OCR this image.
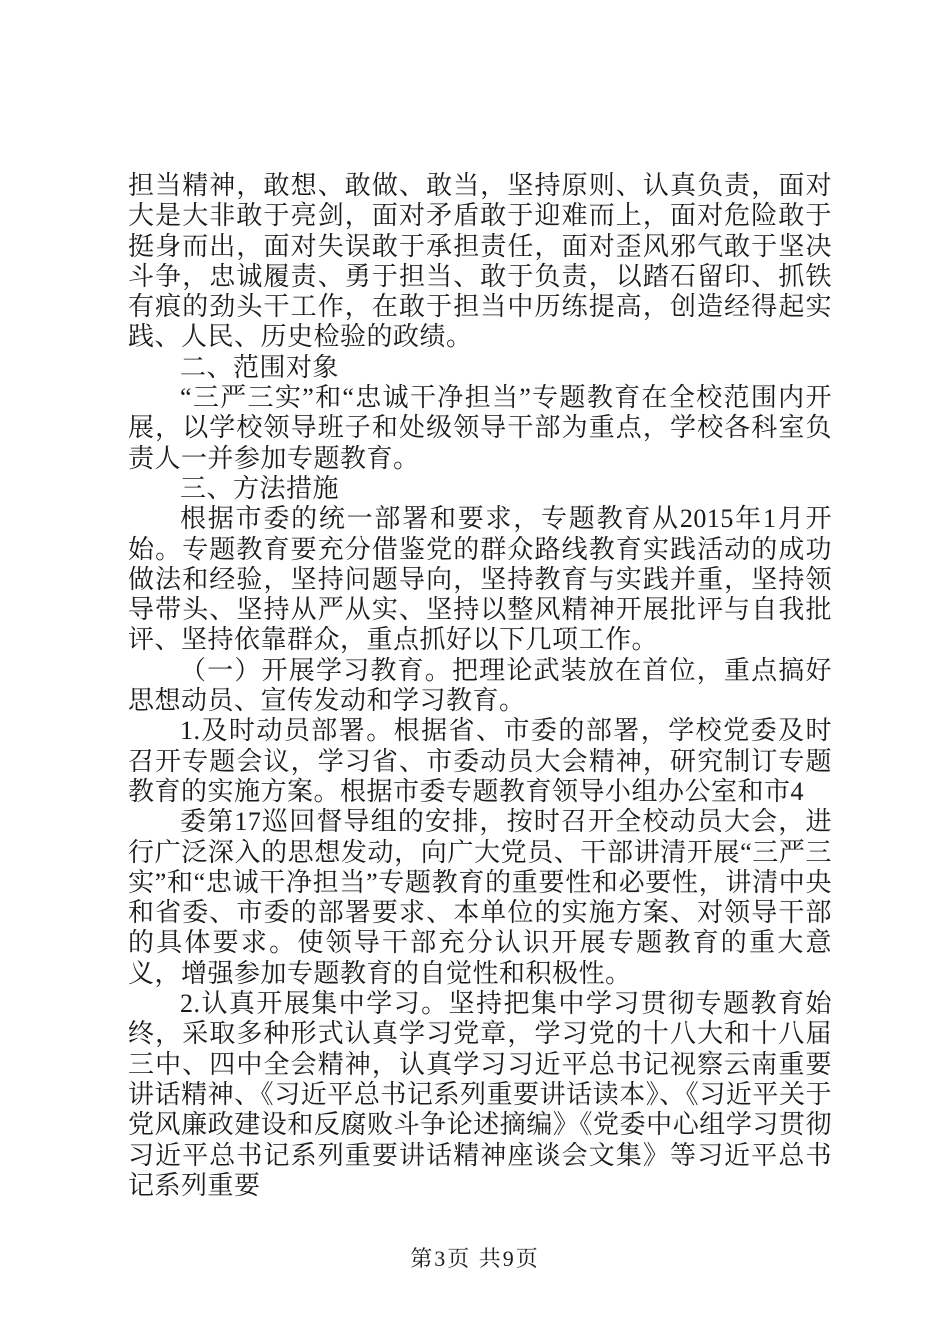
担当精神，敢想、敢做、敢当，坚持原则、认真负责，面对大是大非敢于亮剑，面对矛盾敢于迎难而上，面对危险敢于挺身而出，面对失误敢于承担责任，面对歪风邪气敢于坚决斗争，忠诚履责、勇于担当、敢于负责，以踏石留印、抓铁有痕的劲头干工作，在敢于担当中历练提高，创造经得起实践、人民、历史检验的政绩。

二、范围对象

“三严三实”和“忠诚干净担当”专题教育在全校范围内开展，以学校领导班子和处级领导干部为重点，学校各科室负责人一并参加专题教育。

三、方法措施

根据市委的统一部署和要求，专题教育从2015年1月开始。专题教育要充分借鉴党的群众路线教育实践活动的成功做法和经验，坚持问题导向，坚持教育与实践并重，坚持领导带头、坚持从严从实、坚持以整风精神开展批评与自我批评、坚持依靠群众，重点抓好以下几项工作。

（一）开展学习教育。把理论武装放在首位，重点搞好思想动员、宣传发动和学习教育。

1.及时动员部署。根据省、市委的部署，学校党委及时召开专题会议，学习省、市委动员大会精神，研究制订专题教育的实施方案。根据市委专题教育领导小组办公室和市4

委第17巡回督导组的安排，按时召开全校动员大会，进行广泛深入的思想发动，向广大党员、干部讲清开展“三严三实”和“忠诚干净担当”专题教育的重要性和必要性，讲清中央和省委、市委的部署要求、本单位的实施方案、对领导干部的具体要求。使领导干部充分认识开展专题教育的重大意义，增强参加专题教育的自觉性和积极性。

2.认真开展集中学习。坚持把集中学习贯彻专题教育始终，采取多种形式认真学习党章，学习党的十八大和十八届三中、四中全会精神，认真学习习近平总书记视察云南重要讲话精神、《习近平总书记系列重要讲话读本》、《习近平关于党风廉政建设和反腐败斗争论述摘编》《党委中心组学习贯彻习近平总书记系列重要讲话精神座谈会文集》等习近平总书记系列重要

第3页 共9页
